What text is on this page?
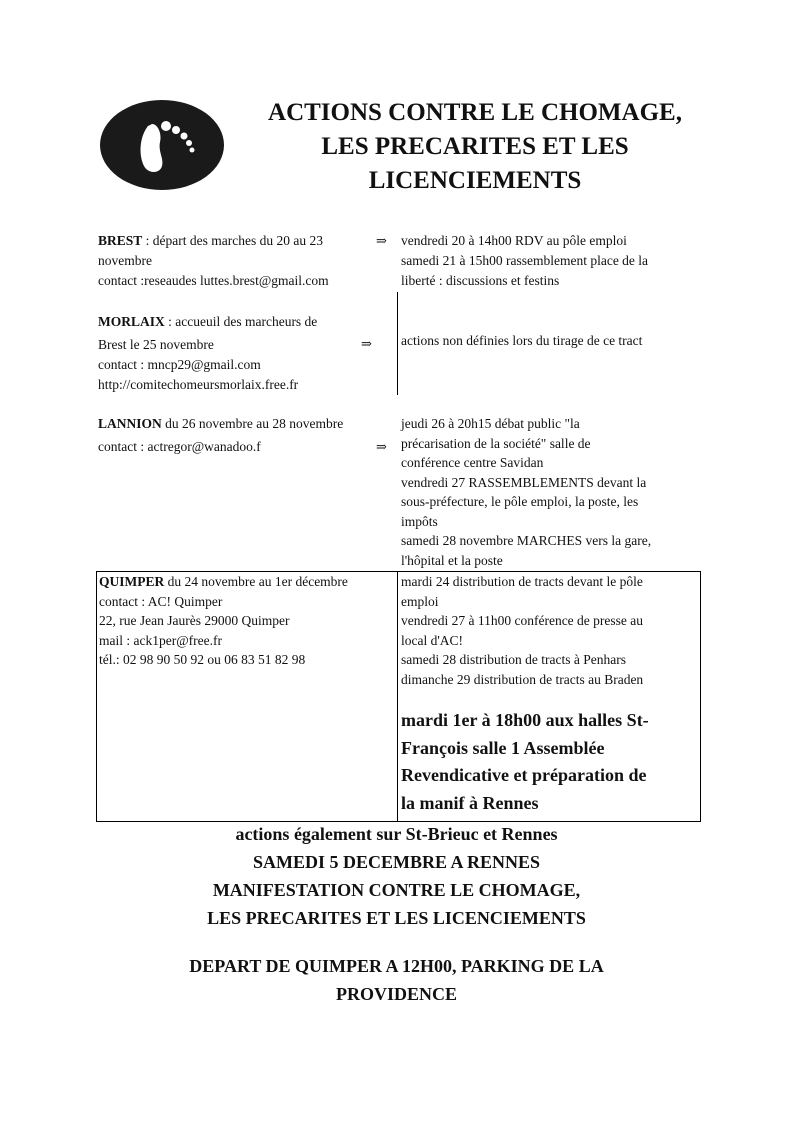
ACTIONS CONTRE LE CHOMAGE,
LES PRECARITES ET LES
LICENCIEMENTS
BREST : départ des marches du 20 au 23
novembre
contact :reseaudes luttes.brest@gmail.com
⇒ vendredi 20 à 14h00 RDV au pôle emploi
samedi 21 à 15h00 rassemblement place de la
liberté : discussions et festins
MORLAIX : accueuil des marcheurs de
Brest le 25 novembre
contact : mncp29@gmail.com
http://comitechomeursmorlaix.free.fr
⇒ actions non définies lors du tirage de ce tract
LANNION du 26 novembre au 28 novembre
contact : actregor@wanadoo.f	⇒
jeudi 26 à 20h15 débat public "la
précarisation de la société" salle de
conférence centre Savidan
vendredi 27 RASSEMBLEMENTS devant la
sous-préfecture, le pôle emploi, la poste, les
impôts
samedi 28 novembre MARCHES vers la gare,
l'hôpital et la poste
QUIMPER du 24 novembre au 1er décembre
contact : AC! Quimper
22, rue Jean Jaurès 29000 Quimper
mail : ack1per@free.fr
tél.: 02 98 90 50 92 ou 06 83 51 82 98
mardi 24 distribution de tracts devant le pôle
emploi
vendredi 27 à 11h00 conférence de presse au
local d'AC!
samedi 28 distribution de tracts à Penhars
dimanche 29 distribution de tracts au Braden
mardi 1er à 18h00 aux halles St-
François salle 1 Assemblée
Revendicative et préparation de
la manif à Rennes
actions également sur St-Brieuc et Rennes
SAMEDI 5 DECEMBRE A RENNES
MANIFESTATION CONTRE LE CHOMAGE,
LES PRECARITES ET LES LICENCIEMENTS
DEPART DE QUIMPER A 12H00, PARKING DE LA
PROVIDENCE
